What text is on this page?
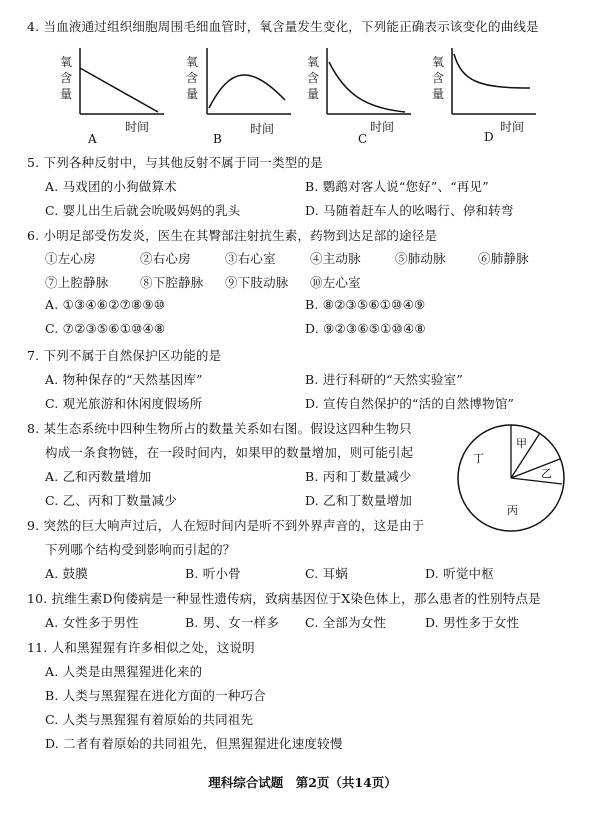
4. 当血液通过组织细胞周围毛细血管时，氧含量发生变化，下列能正确表示该变化的曲线是
氧含量
时间
A
氧含量
时间
B
氧含量
时间
C
氧含量
时间
D
5. 下列各种反射中，与其他反射不属于同一类型的是
A. 马戏团的小狗做算术	B. 鹦鹉对客人说“您好”、“再见”
C. 婴儿出生后就会吮吸妈妈的乳头	D. 马随着赶车人的吆喝行、停和转弯
6. 小明足部受伤发炎，医生在其臀部注射抗生素，药物到达足部的途径是
①左心房	②右心房	③右心室	④主动脉	⑤肺动脉	⑥肺静脉
⑦上腔静脉	⑧下腔静脉 ⑨下肢动脉 ⑩左心室
A. ①③④⑥②⑦⑧⑨⑩	B. ⑧②③⑤⑥①⑩④⑨
C. ⑦②③⑤⑥①⑩④⑧	D. ⑨②③⑥⑤①⑩④⑧
7. 下列不属于自然保护区功能的是
A. 物种保存的“天然基因库”	B. 进行科研的“天然实验室”
C. 观光旅游和休闲度假场所	D. 宣传自然保护的“活的自然博物馆”
8. 某生态系统中四种生物所占的数量关系如右图。假设这四种生物只
构成一条食物链，在一段时间内，如果甲的数量增加，则可能引起
A. 乙和丙数量增加	B. 丙和丁数量减少
C. 乙、丙和丁数量减少	D. 乙和丁数量增加
甲
乙
丙
丁
9. 突然的巨大响声过后，人在短时间内是听不到外界声音的，这是由于
下列哪个结构受到影响而引起的？
A. 鼓膜	B. 听小骨	C. 耳蜗	D. 听觉中枢
10. 抗维生素D佝偻病是一种显性遗传病，致病基因位于X染色体上，那么患者的性别特点是
A. 女性多于男性	B. 男、女一样多 C. 全部为女性	D. 男性多于女性
11. 人和黑猩猩有许多相似之处，这说明
A. 人类是由黑猩猩进化来的
B. 人类与黑猩猩在进化方面的一种巧合
C. 人类与黑猩猩有着原始的共同祖先
D. 二者有着原始的共同祖先，但黑猩猩进化速度较慢
理科综合试题　第2页（共14页）
